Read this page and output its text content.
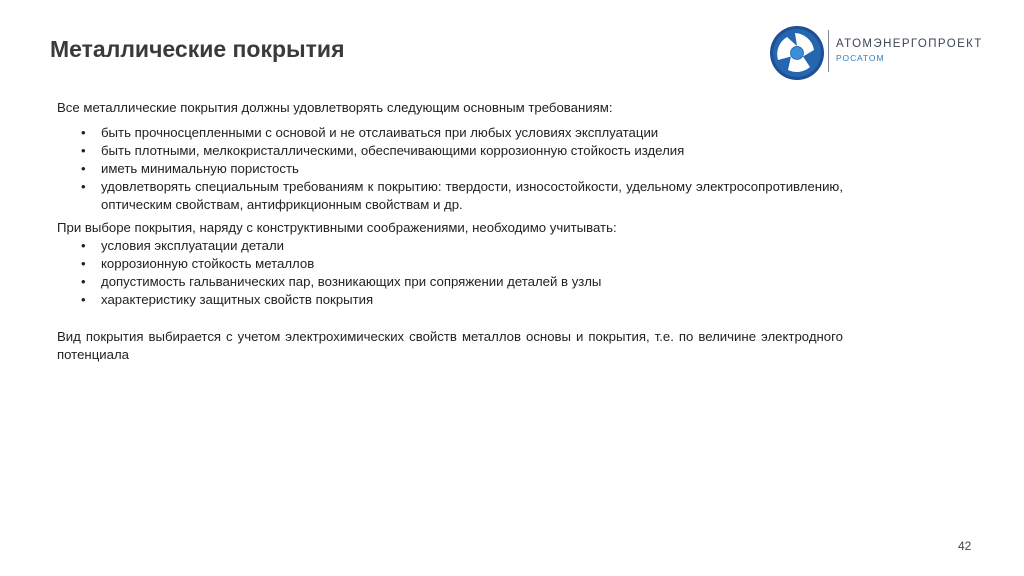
Металлические покрытия	АТОМЭНЕРГОПРОЕКТ
РОСАТОМ

Все металлические покрытия должны удовлетворять следующим основным требованиям:

• быть прочносцепленными с основой и не отслаиваться при любых условиях эксплуатации
• быть плотными, мелкокристаллическими, обеспечивающими коррозионную стойкость изделия
• иметь минимальную пористость
• удовлетворять специальным требованиям к покрытию: твердости, износостойкости, удельному электросопротивлению, оптическим свойствам, антифрикционным свойствам и др.

При выборе покрытия, наряду с конструктивными соображениями, необходимо учитывать:

• условия эксплуатации детали
• коррозионную стойкость металлов
• допустимость гальванических пар, возникающих при сопряжении деталей в узлы
• характеристику защитных свойств покрытия

Вид покрытия выбирается с учетом электрохимических свойств металлов основы и покрытия, т.е. по величине электродного потенциала

42
